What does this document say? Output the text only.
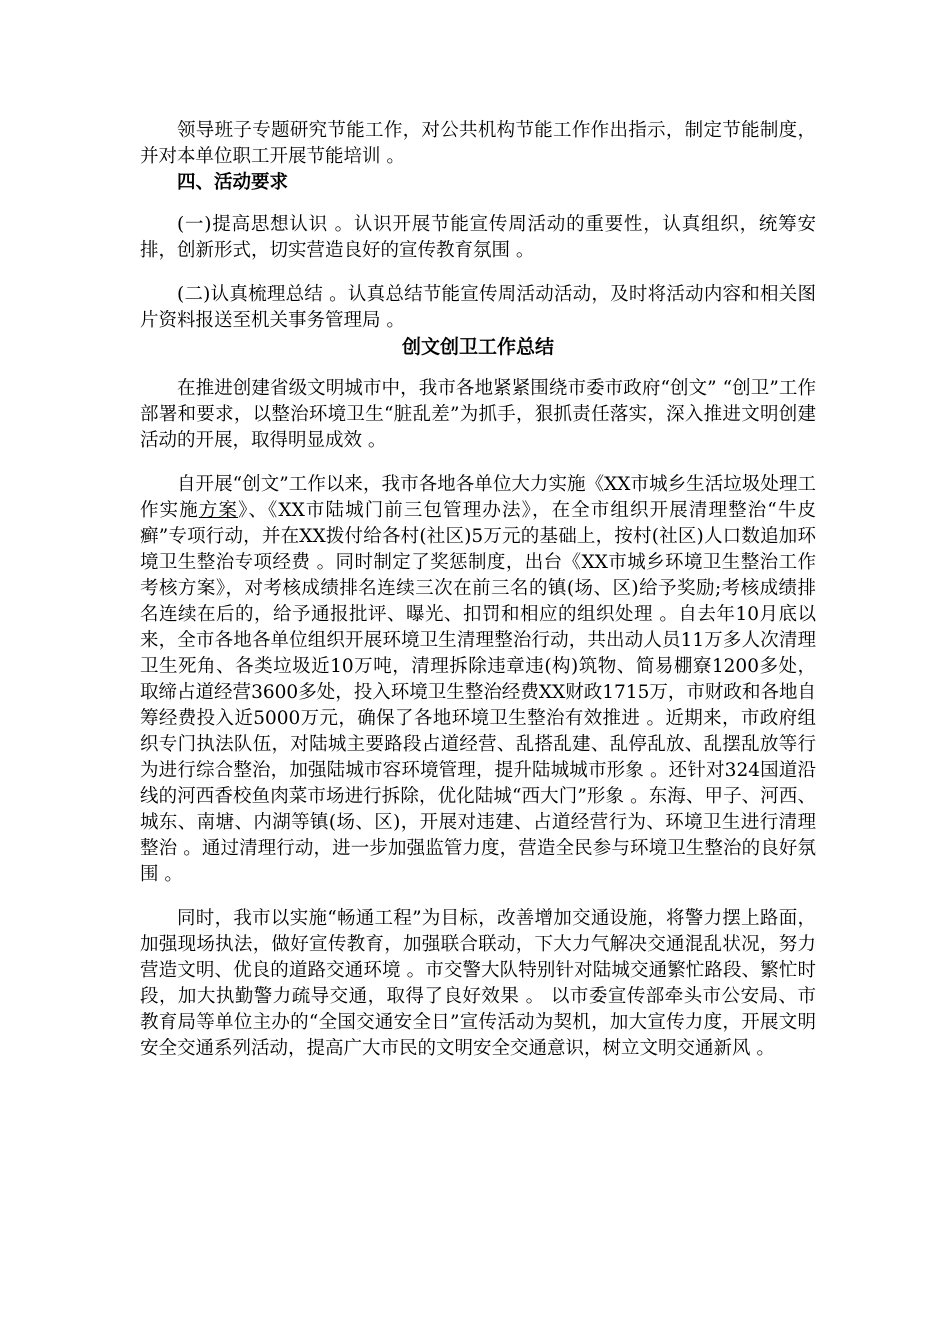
领导班子专题研究节能工作，对公共机构节能工作作出指示，制定节能制度，并对本单位职工开展节能培训 。

四、活动要求

(一)提高思想认识 。认识开展节能宣传周活动的重要性，认真组织，统筹安排，创新形式，切实营造良好的宣传教育氛围 。

(二)认真梳理总结 。认真总结节能宣传周活动活动，及时将活动内容和相关图片资料报送至机关事务管理局 。

创文创卫工作总结

在推进创建省级文明城市中，我市各地紧紧围绕市委市政府“创文” “创卫”工作部署和要求，以整治环境卫生“脏乱差”为抓手，狠抓责任落实，深入推进文明创建活动的开展，取得明显成效 。

自开展“创文”工作以来，我市各地各单位大力实施《XX市城乡生活垃圾处理工作实施方案》、《XX市陆城门前三包管理办法》，在全市组织开展清理整治“牛皮癣”专项行动，并在XX拨付给各村(社区)5万元的基础上，按村(社区)人口数追加环境卫生整治专项经费 。同时制定了奖惩制度，出台《XX市城乡环境卫生整治工作考核方案》，对考核成绩排名连续三次在前三名的镇(场、区)给予奖励;考核成绩排名连续在后的，给予通报批评、曝光、扣罚和相应的组织处理 。自去年10月底以来，全市各地各单位组织开展环境卫生清理整治行动，共出动人员11万多人次清理卫生死角、各类垃圾近10万吨，清理拆除违章违(构)筑物、简易棚寮1200多处，取缔占道经营3600多处，投入环境卫生整治经费XX财政1715万，市财政和各地自筹经费投入近5000万元，确保了各地环境卫生整治有效推进 。近期来，市政府组织专门执法队伍，对陆城主要路段占道经营、乱搭乱建、乱停乱放、乱摆乱放等行为进行综合整治，加强陆城市容环境管理，提升陆城城市形象 。还针对324国道沿线的河西香校鱼肉菜市场进行拆除，优化陆城“西大门”形象 。东海、甲子、河西、城东、南塘、内湖等镇(场、区)，开展对违建、占道经营行为、环境卫生进行清理整治 。通过清理行动，进一步加强监管力度，营造全民参与环境卫生整治的良好氛围 。

同时，我市以实施“畅通工程”为目标，改善增加交通设施，将警力摆上路面，加强现场执法，做好宣传教育，加强联合联动，下大力气解决交通混乱状况，努力营造文明、优良的道路交通环境 。市交警大队特别针对陆城交通繁忙路段、繁忙时段，加大执勤警力疏导交通，取得了良好效果 。 以市委宣传部牵头市公安局、市教育局等单位主办的“全国交通安全日”宣传活动为契机，加大宣传力度，开展文明安全交通系列活动，提高广大市民的文明安全交通意识，树立文明交通新风 。
